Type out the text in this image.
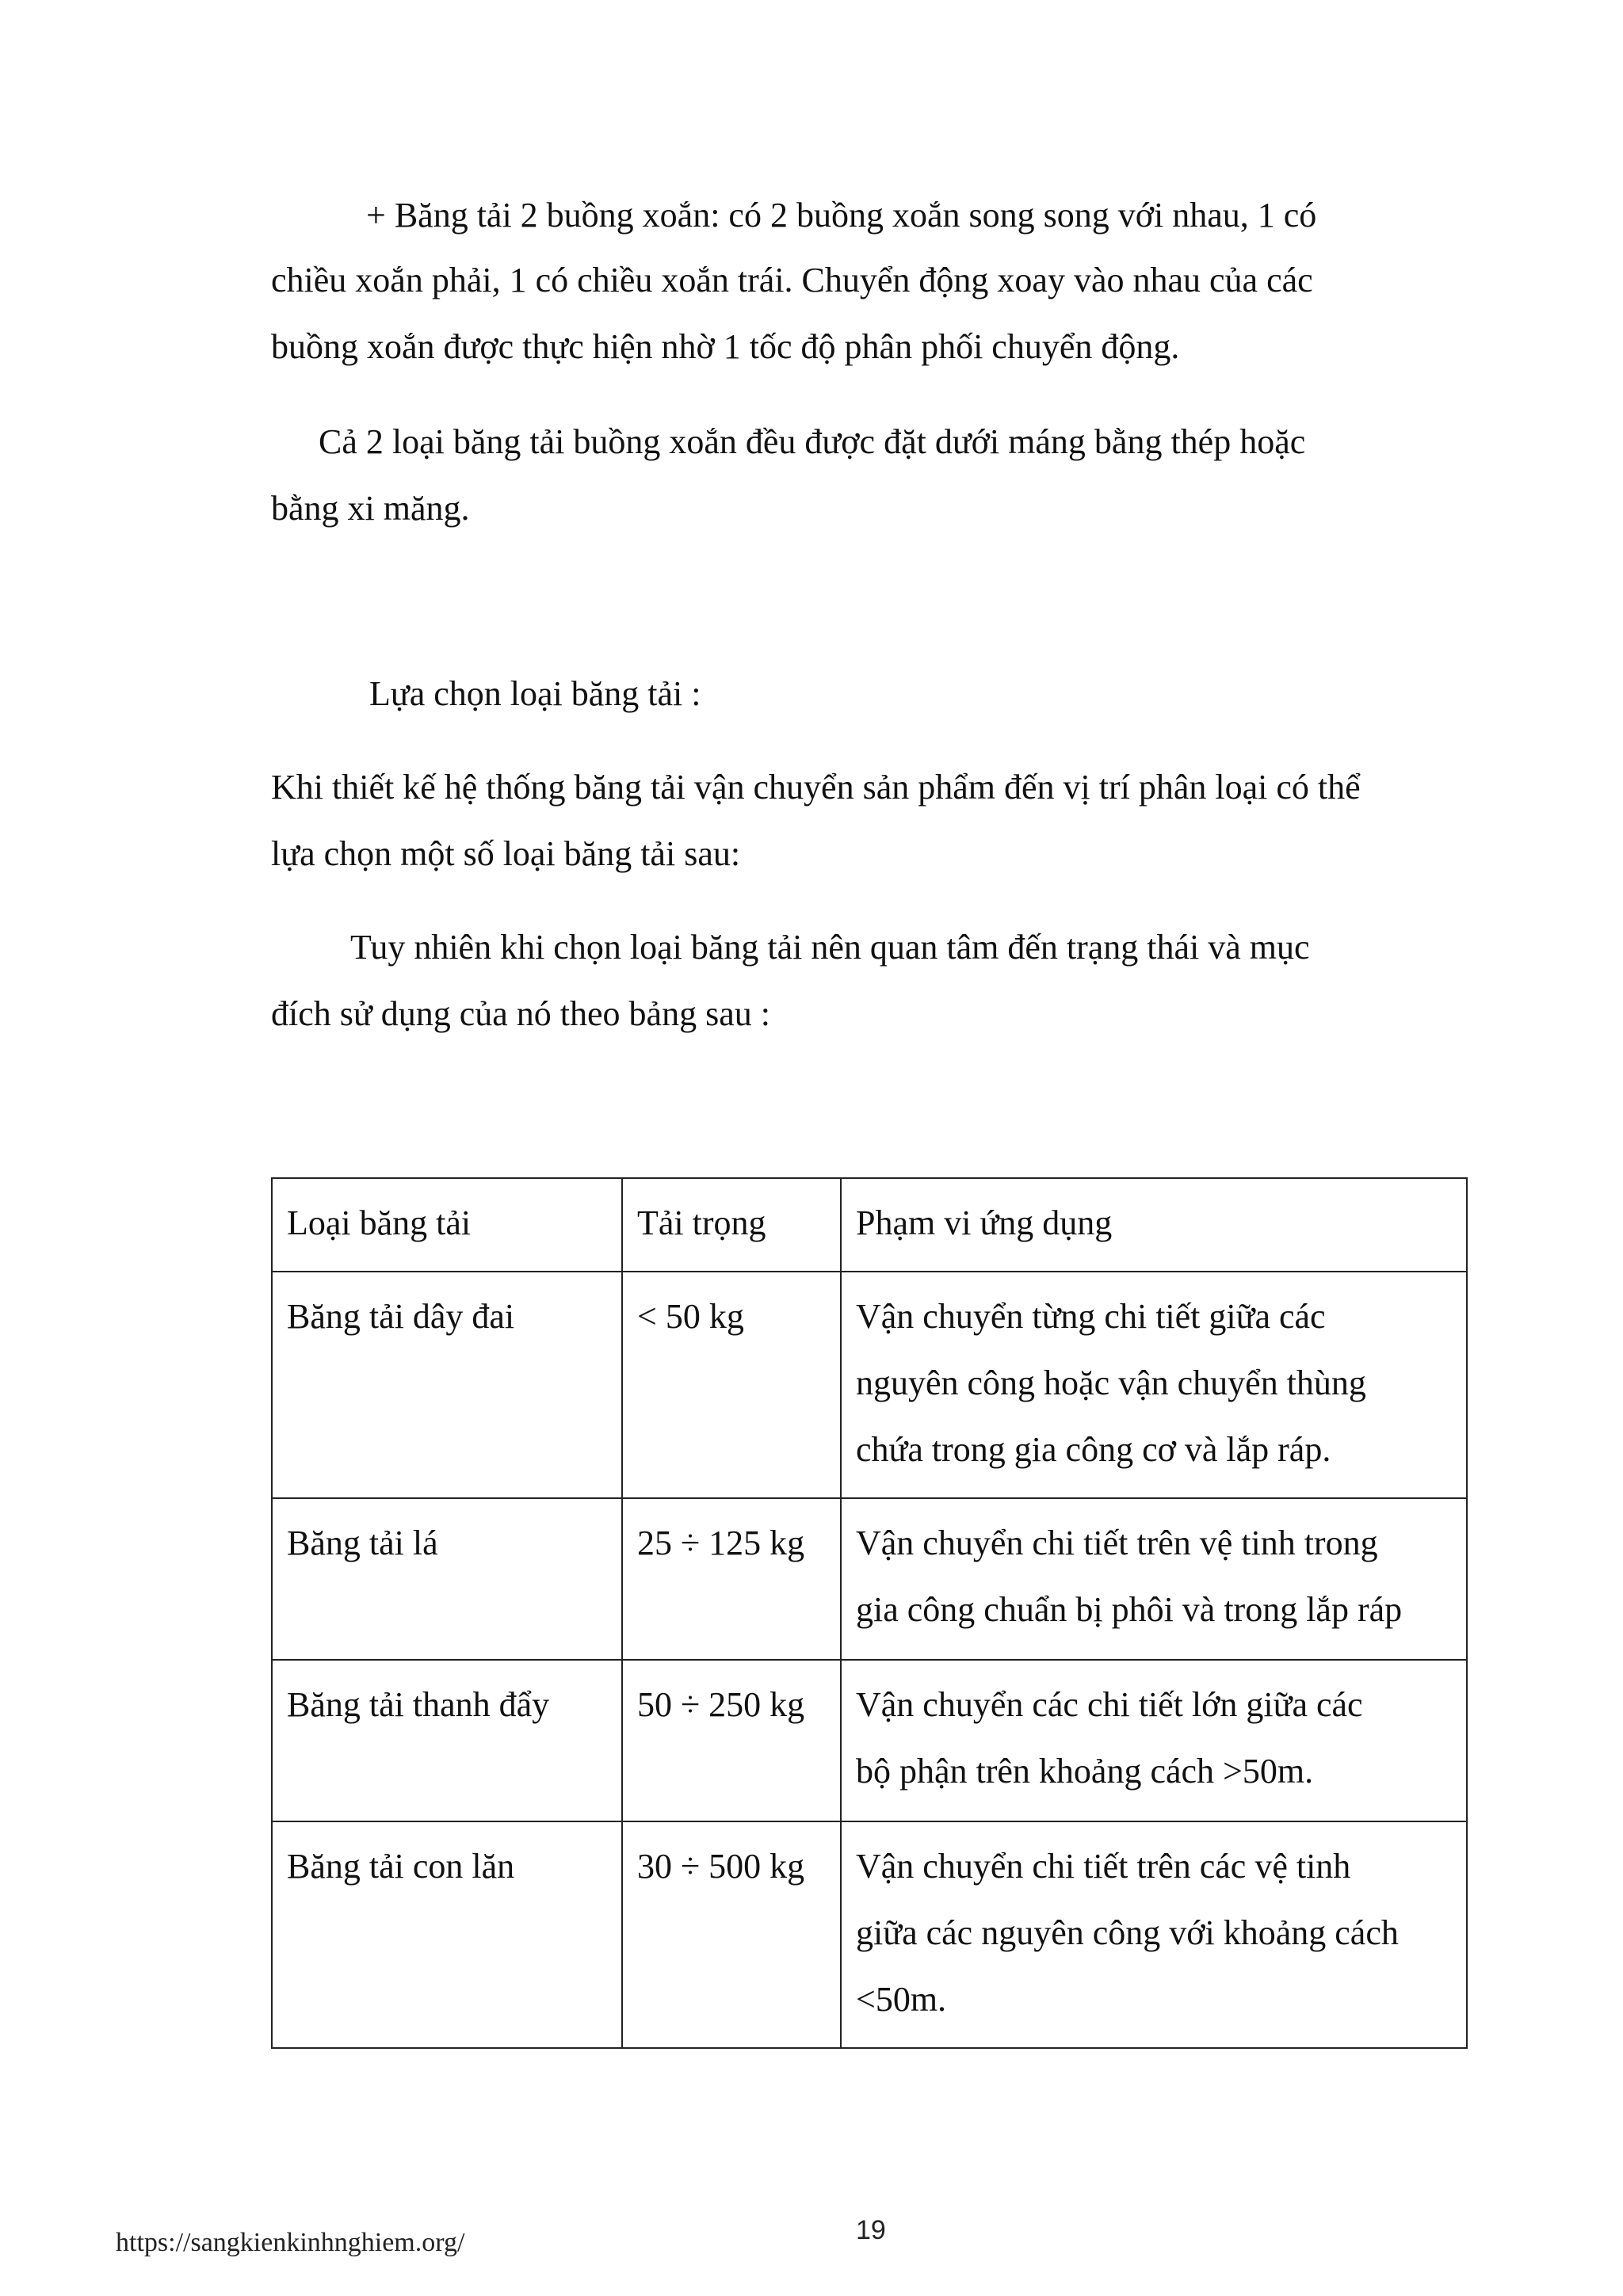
+ Băng tải 2 buồng xoắn: có 2 buồng xoắn song song với nhau, 1 có
chiều xoắn phải, 1 có chiều xoắn trái. Chuyển động xoay vào nhau của các
buồng xoắn được thực hiện nhờ 1 tốc độ phân phối chuyển động.
Cả 2 loại băng tải buồng xoắn đều được đặt dưới máng bằng thép hoặc
bằng xi măng.
Lựa chọn loại băng tải :
Khi thiết kế hệ thống băng tải vận chuyển sản phẩm đến vị trí phân loại có thể
lựa chọn một số loại băng tải sau:
Tuy nhiên khi chọn loại băng tải nên quan tâm đến trạng thái và mục
đích sử dụng của nó theo bảng sau :
Loại băng tải	Tải trọng	Phạm vi ứng dụng
Băng tải dây đai	< 50 kg	Vận chuyển từng chi tiết giữa các
nguyên công hoặc vận chuyển thùng
chứa trong gia công cơ và lắp ráp.

Băng tải lá	25 ÷ 125 kg	Vận chuyển chi tiết trên vệ tinh trong
gia công chuẩn bị phôi và trong lắp ráp

Băng tải thanh đẩy	50 ÷ 250 kg	Vận chuyển các chi tiết lớn giữa các
bộ phận trên khoảng cách >50m.

Băng tải con lăn	30 ÷ 500 kg	Vận chuyển chi tiết trên các vệ tinh
giữa các nguyên công với khoảng cách
<50m.
https://sangkienkinhnghiem.org/	19
